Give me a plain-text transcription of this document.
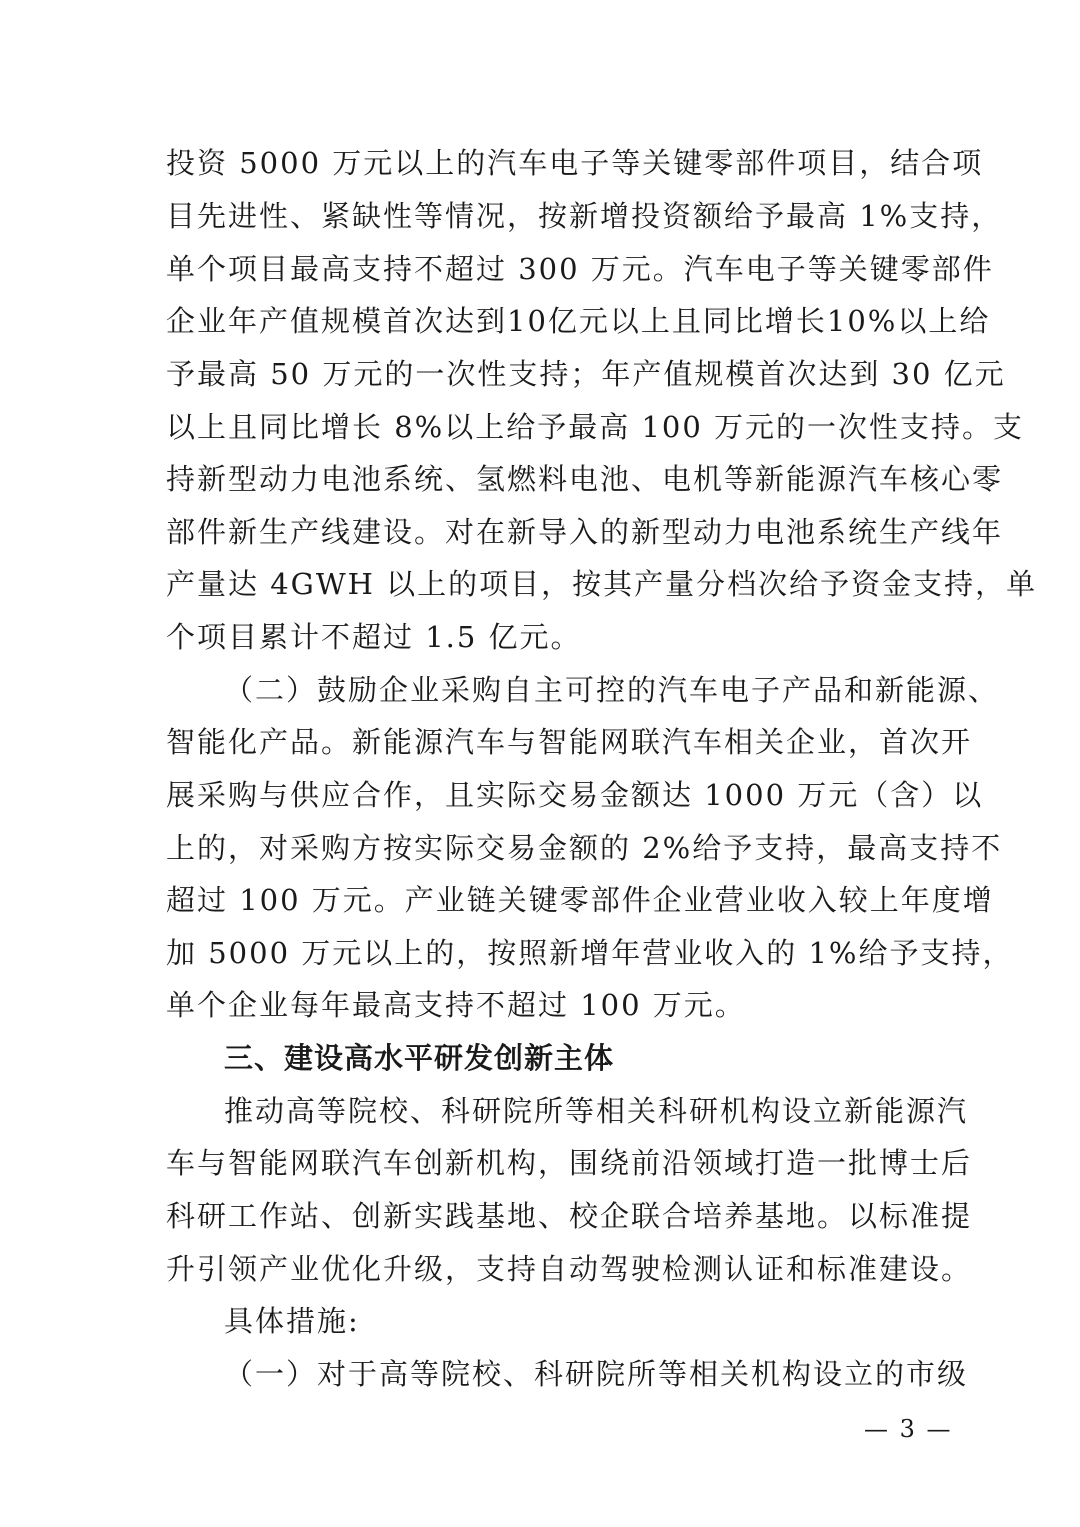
投资 5000 万元以上的汽车电子等关键零部件项目，结合项
目先进性、紧缺性等情况，按新增投资额给予最高 1%支持，
单个项目最高支持不超过 300 万元。汽车电子等关键零部件
企业年产值规模首次达到10亿元以上且同比增长10%以上给
予最高 50 万元的一次性支持；年产值规模首次达到 30 亿元
以上且同比增长 8%以上给予最高 100 万元的一次性支持。支
持新型动力电池系统、氢燃料电池、电机等新能源汽车核心零
部件新生产线建设。对在新导入的新型动力电池系统生产线年
产量达 4GWH 以上的项目，按其产量分档次给予资金支持，单
个项目累计不超过 1.5 亿元。
（二）鼓励企业采购自主可控的汽车电子产品和新能源、
智能化产品。新能源汽车与智能网联汽车相关企业，首次开
展采购与供应合作，且实际交易金额达 1000 万元（含）以
上的，对采购方按实际交易金额的 2%给予支持，最高支持不
超过 100 万元。产业链关键零部件企业营业收入较上年度增
加 5000 万元以上的，按照新增年营业收入的 1%给予支持，
单个企业每年最高支持不超过 100 万元。
三、建设高水平研发创新主体
推动高等院校、科研院所等相关科研机构设立新能源汽
车与智能网联汽车创新机构，围绕前沿领域打造一批博士后
科研工作站、创新实践基地、校企联合培养基地。以标准提
升引领产业优化升级，支持自动驾驶检测认证和标准建设。
具体措施:
（一）对于高等院校、科研院所等相关机构设立的市级
— 3 —
